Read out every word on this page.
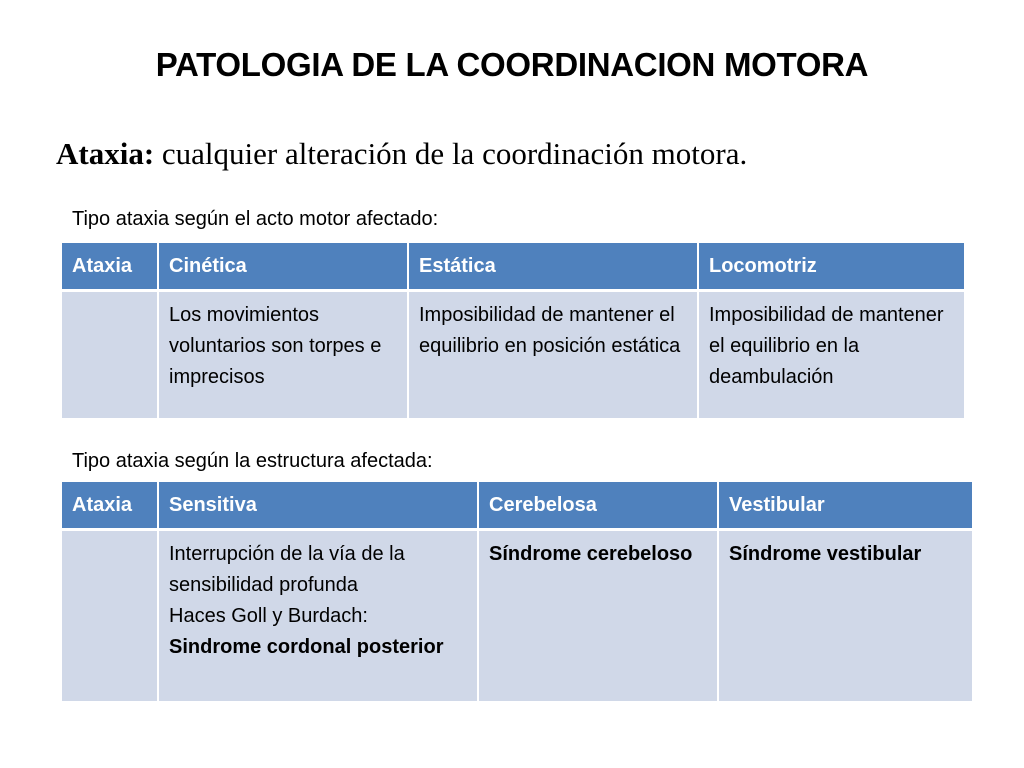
PATOLOGIA DE LA COORDINACION MOTORA
Ataxia: cualquier alteración de la coordinación motora.
Tipo ataxia según el acto motor afectado:
Ataxia	Cinética	Estática	Locomotriz
	Los movimientos voluntarios son torpes e imprecisos	Imposibilidad de mantener el equilibrio en posición estática	Imposibilidad de mantener el equilibrio en la deambulación
Tipo ataxia según la estructura afectada:
Ataxia	Sensitiva	Cerebelosa	Vestibular

	Interrupción de la vía de la sensibilidad profunda
Haces Goll y Burdach:
Sindrome cordonal posterior	Síndrome cerebeloso	Síndrome vestibular
